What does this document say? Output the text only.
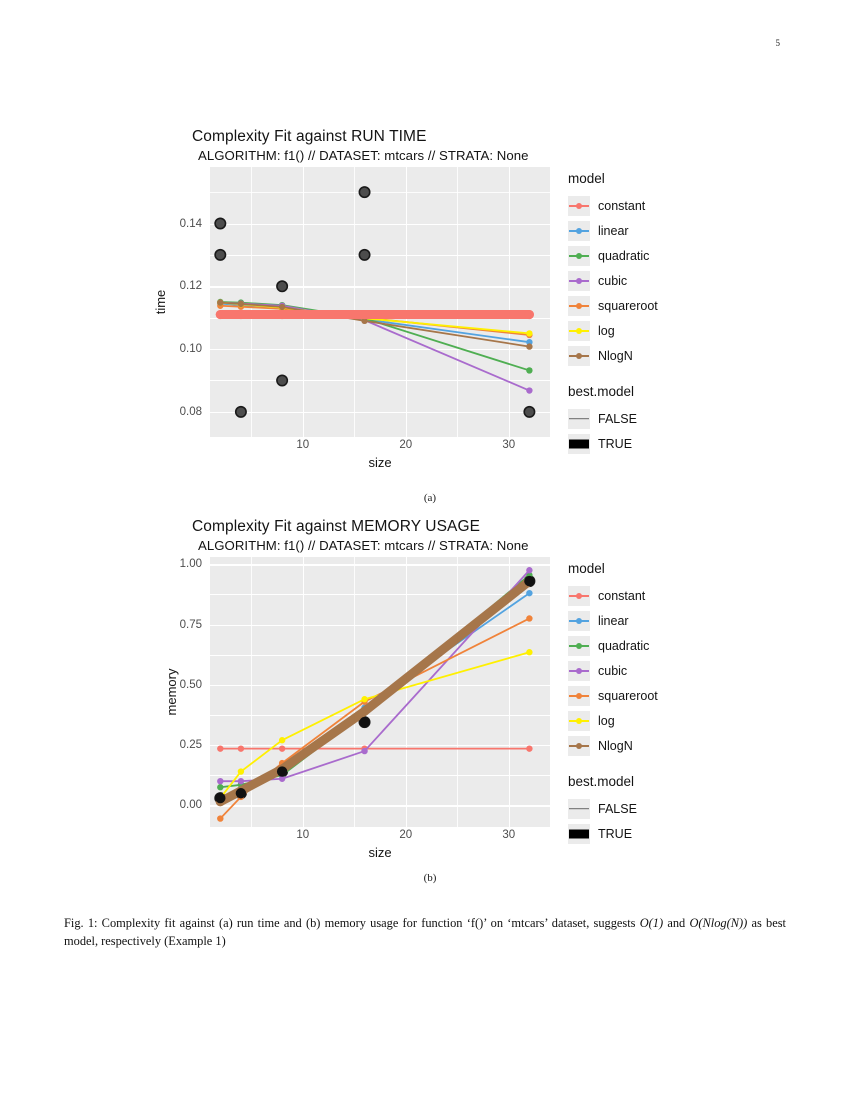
5
Complexity Fit against RUN TIME
ALGORITHM: f1() // DATASET: mtcars // STRATA: None
time
0.08
0.10
0.12
0.14
10	20	30
size
model
constant
linear
quadratic
cubic
squareroot
log
NlogN
best.model
FALSE
TRUE
(a)
Complexity Fit against MEMORY USAGE
ALGORITHM: f1() // DATASET: mtcars // STRATA: None
memory
0.00
0.25
0.50
0.75
1.00
10	20	30
size
model
constant
linear
quadratic
cubic
squareroot
log
NlogN
best.model
FALSE
TRUE
(b)
Fig. 1: Complexity fit against (a) run time and (b) memory usage for function ‘f()’ on ‘mtcars’ dataset, suggests O(1) and O(Nlog(N)) as best model, respectively (Example 1)
